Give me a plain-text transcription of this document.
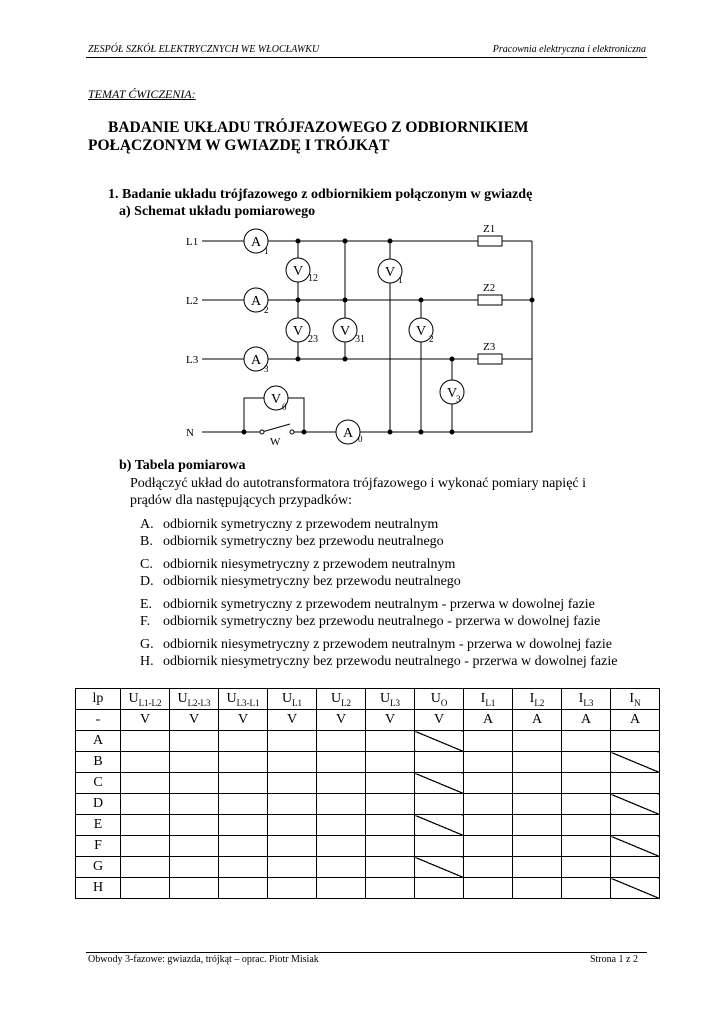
ZESPÓŁ SZKÓŁ ELEKTRYCZNYCH WE WŁOCŁAWKU	Pracownia elektryczna i elektroniczna
TEMAT ĆWICZENIA:
BADANIE UKŁADU TRÓJFAZOWEGO Z ODBIORNIKIEM
POŁĄCZONYM W GWIAZDĘ I TRÓJKĄT
1. Badanie układu trójfazowego z odbiornikiem połączonym w gwiazdę
a) Schemat układu pomiarowego
L1
L2
L3
N
W
A
1
A
2
A
3
A 0
V 12
V
23
V
31
V 1
V 2
V
3
V 0
Z1
Z2
Z3
b) Tabela pomiarowa
Podłączyć układ do autotransformatora trójfazowego i wykonać pomiary napięć i
prądów dla następujących przypadków:
A. odbiornik symetryczny z przewodem neutralnym
B. odbiornik symetryczny bez przewodu neutralnego
C. odbiornik niesymetryczny z przewodem neutralnym
D. odbiornik niesymetryczny bez przewodu neutralnego
E. odbiornik symetryczny z przewodem neutralnym - przerwa w dowolnej fazie
F. odbiornik symetryczny bez przewodu neutralnego - przerwa w dowolnej fazie
G. odbiornik niesymetryczny z przewodem neutralnym - przerwa w dowolnej fazie
H. odbiornik niesymetryczny bez przewodu neutralnego - przerwa w dowolnej fazie
lp	$U_{L1-L2}$	$U_{L2-L3}$	$U_{L3-L1}$	$U_{L1}$	$U_{L2}$	$U_{L3}$	$U_O$	$I_{L1}$	$I_{L2}$	$I_{L3}$	$I_N$
-	V	V	V	V	V	V	V	A	A	A	A
A											
B											
C											
D											
E											
F											
G											
H											
Obwody 3-fazowe: gwiazda, trójkąt – oprac. Piotr Misiak	Strona 1 z 2
